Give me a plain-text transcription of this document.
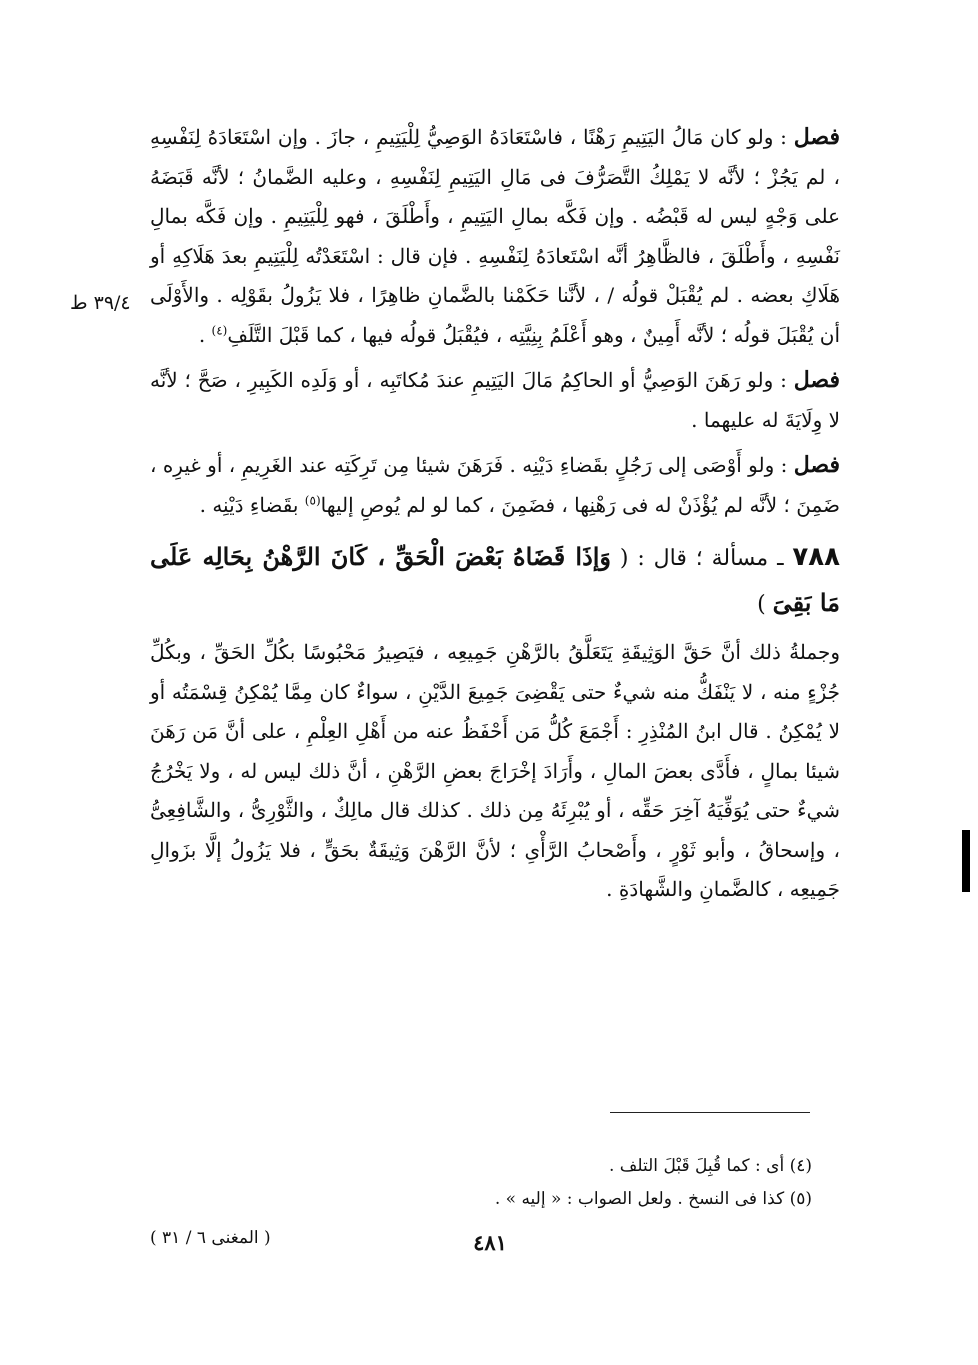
فصل : ولو كان مَالُ اليَتِيمِ رَهْنًا ، فاسْتَعَادَهُ الوَصِيُّ لِلْيَتِيمِ ، جازَ . وإن اسْتَعَادَهُ لِنَفْسِهِ ، لم يَجُزْ ؛ لأنَّه لا يَمْلِكُ التَّصَرُّفَ فى مَالِ اليَتِيمِ لِنَفْسِهِ ، وعليه الضَّمانُ ؛ لأنَّه قَبَضَهُ على وَجْهٍ ليس له قَبْضُه . وإن فَكَّه بمالِ اليَتِيمِ ، وأَطْلَقَ ، فهو لِلْيَتِيمِ . وإن فَكَّه بمالِ نَفْسِهِ ، وأَطْلَقَ ، فالظَّاهِرُ أنَّه اسْتَعادَهُ لِنَفْسِهِ . فإن قال : اسْتَعَدْتُه لِلْيَتِيمِ بعدَ هَلَاكِهِ أو هَلَاكِ بعضه . لم يُقْبَلْ قولُه / ، لأنَّنا حَكَمْنا بالضَّمانِ ظاهِرًا ، فلا يَزُولُ بقَوْلِه . والأَوْلَى أن يُقْبَلَ قولُه ؛ لأنَّه أَمِينٌ ، وهو أَعْلَمُ بِنِيَّتِه ، فيُقْبَلُ قولُه فيها ، كما قَبْلَ التَّلَفِ$^{(٤)}$ .

فصل : ولو رَهَنَ الوَصِيُّ أو الحاكِمُ مَالَ اليَتِيمِ عندَ مُكاتَبِه ، أو وَلَدِه الكَبِيرِ ، صَحَّ ؛ لأنَّه لا وِلَايَةَ له عليهما .

فصل : ولو أَوْصَى إلى رَجُلٍ بقَضاءِ دَيْنِه . فَرَهَنَ شيئا مِن تَرِكَتِه عند الغَرِيمِ ، أو غيرِه ، ضَمِنَ ؛ لأنَّه لم يُؤْذَنْ له فى رَهْنِها ، فضَمِنَ ، كما لو لم يُوصِ إليها$^{(٥)}$ بقَضاءِ دَيْنِه .

٧٨٨ ـ مسألة ؛ قال : ( وَإذَا قَضَاهُ بَعْضَ الْحَقِّ ، كَانَ الرَّهْنُ بِحَالِه عَلَى مَا بَقِىَ )

وجملةُ ذلك أنَّ حَقَّ الوَثِيقَةِ يَتَعَلَّقُ بالرَّهْنِ جَمِيعِه ، فيَصِيرُ مَحْبُوسًا بكُلِّ الحَقِّ ، وبكُلِّ جُزْءٍ منه ، لا يَنْفَكُّ منه شيءٌ حتى يَقْضِىَ جَمِيعَ الدَّيْنِ ، سواءٌ كان مِمَّا يُمْكِنُ قِسْمَتُه أو لا يُمْكِنُ . قال ابنُ المُنْذِرِ : أَجْمَعَ كُلُّ مَن أَحْفَظُ عنه من أَهْلِ العِلْمِ ، على أنَّ مَن رَهَنَ شيئا بمالٍ ، فأَدَّى بعضَ المالِ ، وأَرَادَ إخْرَاجَ بعضِ الرَّهْنِ ، أنَّ ذلك ليس له ، ولا يَخْرُجُ شيءٌ حتى يُوَفِّيَهُ آخِرَ حَقِّه ، أو يُبْرِئَهُ مِن ذلك . كذلك قال مالِكٌ ، والثَّوْرِىُّ ، والشَّافِعِىُّ ، وإسحاقُ ، وأبو ثَوْرٍ ، وأَصْحابُ الرَّأْىِ ؛ لأنَّ الرَّهْنَ وَثِيقَةٌ بحَقٍّ ، فلا يَزُولُ إلَّا بزَوالِ جَمِيعِه ، كالضَّمانِ والشَّهادَةِ .

٣٩/٤ ط
(٤) أى : كما قُبِلَ قَبْلَ التلف .
(٥) كذا فى النسخ . ولعل الصواب : « إليه » .
٤٨١
( المغنى ٦ / ٣١ )
